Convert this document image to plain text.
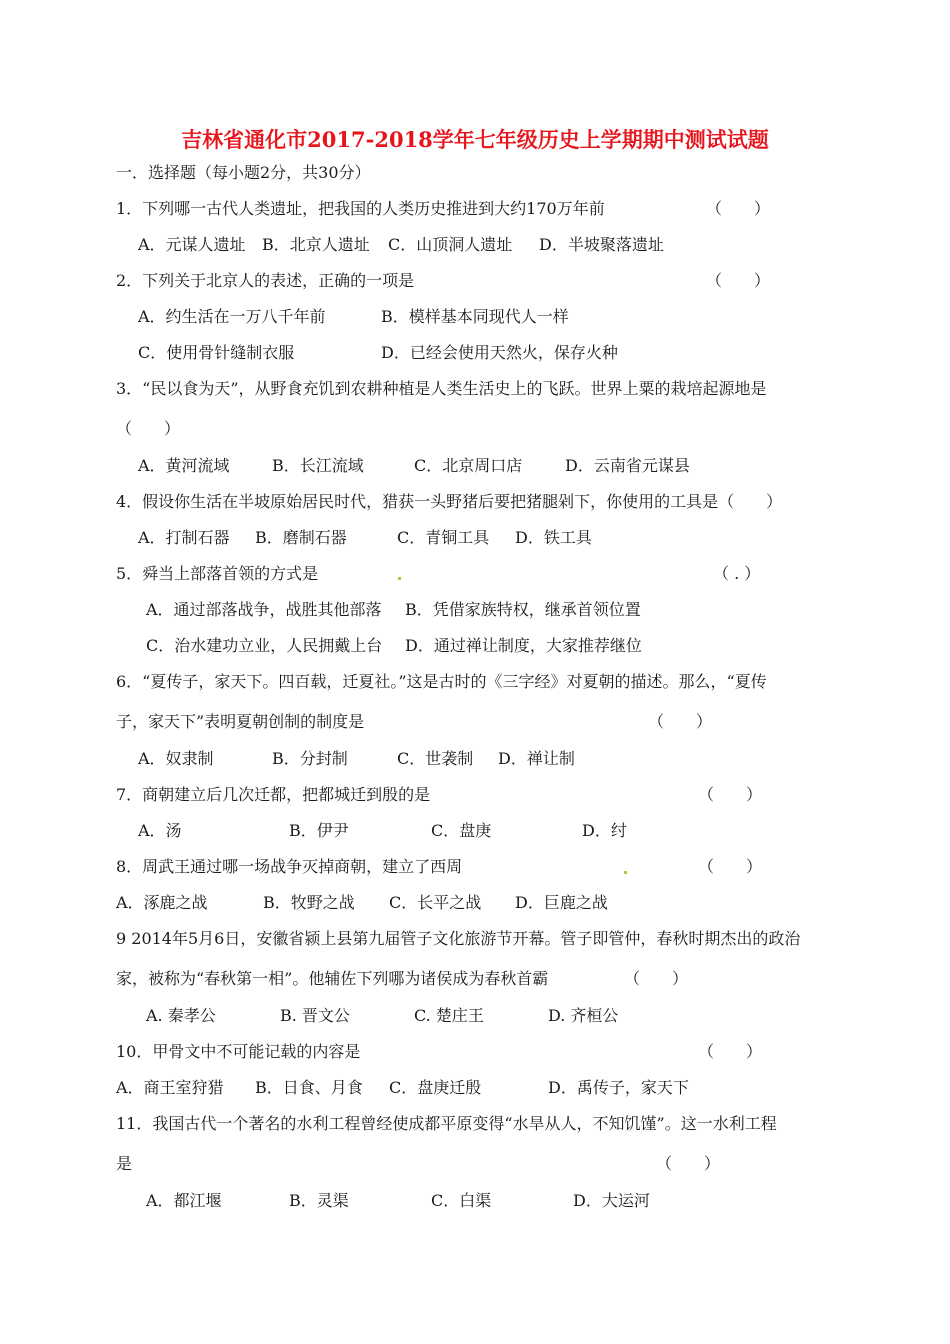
吉林省通化市2017-2018学年七年级历史上学期期中测试试题
一．选择题（每小题2分，共30分）
1．下列哪一古代人类遗址，把我国的人类历史推进到大约170万年前	（　　）
A．元谋人遗址 B．北京人遗址 C．山顶洞人遗址 D．半坡聚落遗址
2．下列关于北京人的表述，正确的一项是	（　　）
A．约生活在一万八千年前	B．模样基本同现代人一样
C．使用骨针缝制衣服	D．已经会使用天然火，保存火种
3．“民以食为天”，从野食充饥到农耕种植是人类生活史上的飞跃。世界上粟的栽培起源地是
（　　）
A．黄河流域	B．长江流域	C．北京周口店	D．云南省元谋县
4．假设你生活在半坡原始居民时代，猎获一头野猪后要把猪腿剁下，你使用的工具是（　　）
A．打制石器 B．磨制石器	C．青铜工具 D．铁工具
5．舜当上部落首领的方式是	（ . ）
A．通过部落战争，战胜其他部落 B．凭借家族特权，继承首领位置
C．治水建功立业，人民拥戴上台 D．通过禅让制度，大家推荐继位
6．“夏传子，家天下。四百载，迁夏社。”这是古时的《三字经》对夏朝的描述。那么，“夏传
子，家天下”表明夏朝创制的制度是	（　　）
A．奴隶制	B．分封制	C．世袭制 D．禅让制
7．商朝建立后几次迁都，把都城迁到殷的是	（　　）
A．汤	B．伊尹	C．盘庚	D．纣
8．周武王通过哪一场战争灭掉商朝，建立了西周	（　　）
A．涿鹿之战	B．牧野之战 C．长平之战 D．巨鹿之战
9 2014年5月6日，安徽省颍上县第九届管子文化旅游节开幕。管子即管仲，春秋时期杰出的政治
家，被称为“春秋第一相”。他辅佐下列哪为诸侯成为春秋首霸	（　　）
A. 秦孝公	B. 晋文公	C. 楚庄王	D. 齐桓公
10．甲骨文中不可能记载的内容是	（　　）
A．商王室狩猎 B．日食、月食 C．盘庚迁殷	D．禹传子，家天下
11．我国古代一个著名的水利工程曾经使成都平原变得“水旱从人，不知饥馑”。这一水利工程
是	（　　）
A．都江堰	B．灵渠	C．白渠	D．大运河
